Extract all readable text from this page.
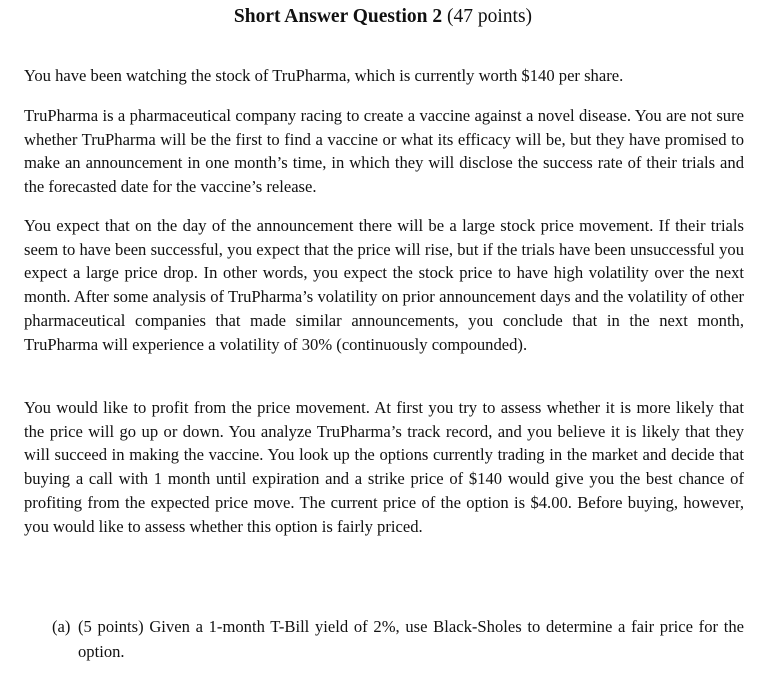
Short Answer Question 2 (47 points)

You have been watching the stock of TruPharma, which is currently worth $140 per share.

TruPharma is a pharmaceutical company racing to create a vaccine against a novel disease. You are not sure whether TruPharma will be the first to find a vaccine or what its efficacy will be, but they have promised to make an announcement in one month’s time, in which they will disclose the success rate of their trials and the forecasted date for the vaccine’s release.

You expect that on the day of the announcement there will be a large stock price movement. If their trials seem to have been successful, you expect that the price will rise, but if the trials have been unsuccessful you expect a large price drop. In other words, you expect the stock price to have high volatility over the next month. After some analysis of TruPharma’s volatility on prior announcement days and the volatility of other pharmaceutical companies that made similar announcements, you conclude that in the next month, TruPharma will experience a volatility of 30% (continuously compounded).

You would like to profit from the price movement. At first you try to assess whether it is more likely that the price will go up or down. You analyze TruPharma’s track record, and you believe it is likely that they will succeed in making the vaccine. You look up the options currently trading in the market and decide that buying a call with 1 month until expiration and a strike price of $140 would give you the best chance of profiting from the expected price move. The current price of the option is $4.00. Before buying, however, you would like to assess whether this option is fairly priced.

(a) (5 points) Given a 1-month T-Bill yield of 2%, use Black-Sholes to determine a fair price for the option.
